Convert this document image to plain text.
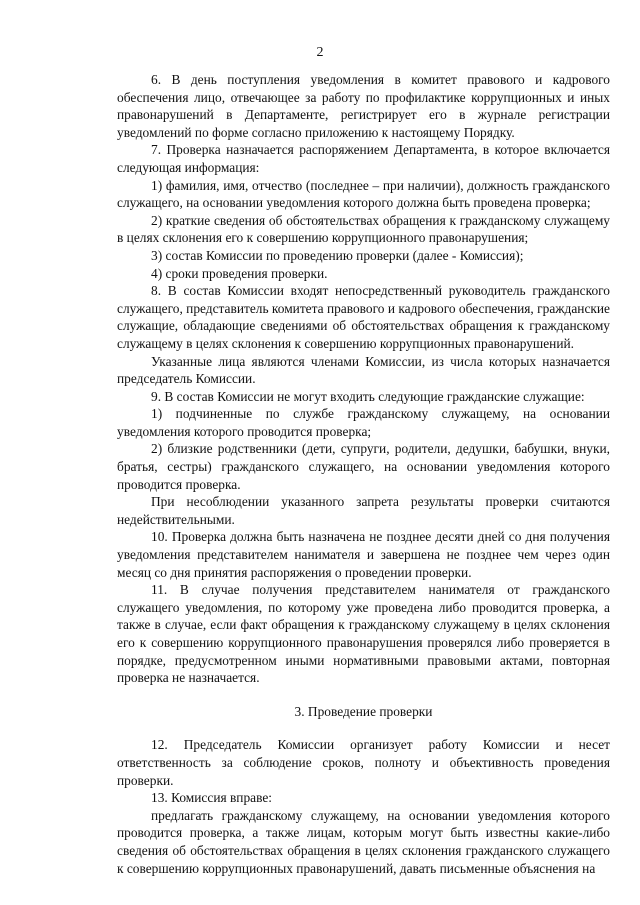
2

6. В день поступления уведомления в комитет правового и кадрового обеспечения лицо, отвечающее за работу по профилактике коррупционных и иных правонарушений в Департаменте, регистрирует его в журнале регистрации уведомлений по форме согласно приложению к настоящему Порядку.

7. Проверка назначается распоряжением Департамента, в которое включается следующая информация:

1) фамилия, имя, отчество (последнее – при наличии), должность гражданского служащего, на основании уведомления которого должна быть проведена проверка;

2) краткие сведения об обстоятельствах обращения к гражданскому служащему в целях склонения его к совершению коррупционного правонарушения;

3) состав Комиссии по проведению проверки (далее - Комиссия);

4) сроки проведения проверки.

8. В состав Комиссии входят непосредственный руководитель гражданского служащего, представитель комитета правового и кадрового обеспечения, гражданские служащие, обладающие сведениями об обстоятельствах обращения к гражданскому служащему в целях склонения к совершению коррупционных правонарушений.

Указанные лица являются членами Комиссии, из числа которых назначается председатель Комиссии.

9. В состав Комиссии не могут входить следующие гражданские служащие:

1) подчиненные по службе гражданскому служащему, на основании уведомления которого проводится проверка;

2) близкие родственники (дети, супруги, родители, дедушки, бабушки, внуки, братья, сестры) гражданского служащего, на основании уведомления которого проводится проверка.

При несоблюдении указанного запрета результаты проверки считаются недействительными.

10. Проверка должна быть назначена не позднее десяти дней со дня получения уведомления представителем нанимателя и завершена не позднее чем через один месяц со дня принятия распоряжения о проведении проверки.

11. В случае получения представителем нанимателя от гражданского служащего уведомления, по которому уже проведена либо проводится проверка, а также в случае, если факт обращения к гражданскому служащему в целях склонения его к совершению коррупционного правонарушения проверялся либо проверяется в порядке, предусмотренном иными нормативными правовыми актами, повторная проверка не назначается.

3. Проведение проверки

12. Председатель Комиссии организует работу Комиссии и несет ответственность за соблюдение сроков, полноту и объективность проведения проверки.

13. Комиссия вправе:

предлагать гражданскому служащему, на основании уведомления которого проводится проверка, а также лицам, которым могут быть известны какие-либо сведения об обстоятельствах обращения в целях склонения гражданского служащего к совершению коррупционных правонарушений, давать письменные объяснения на
